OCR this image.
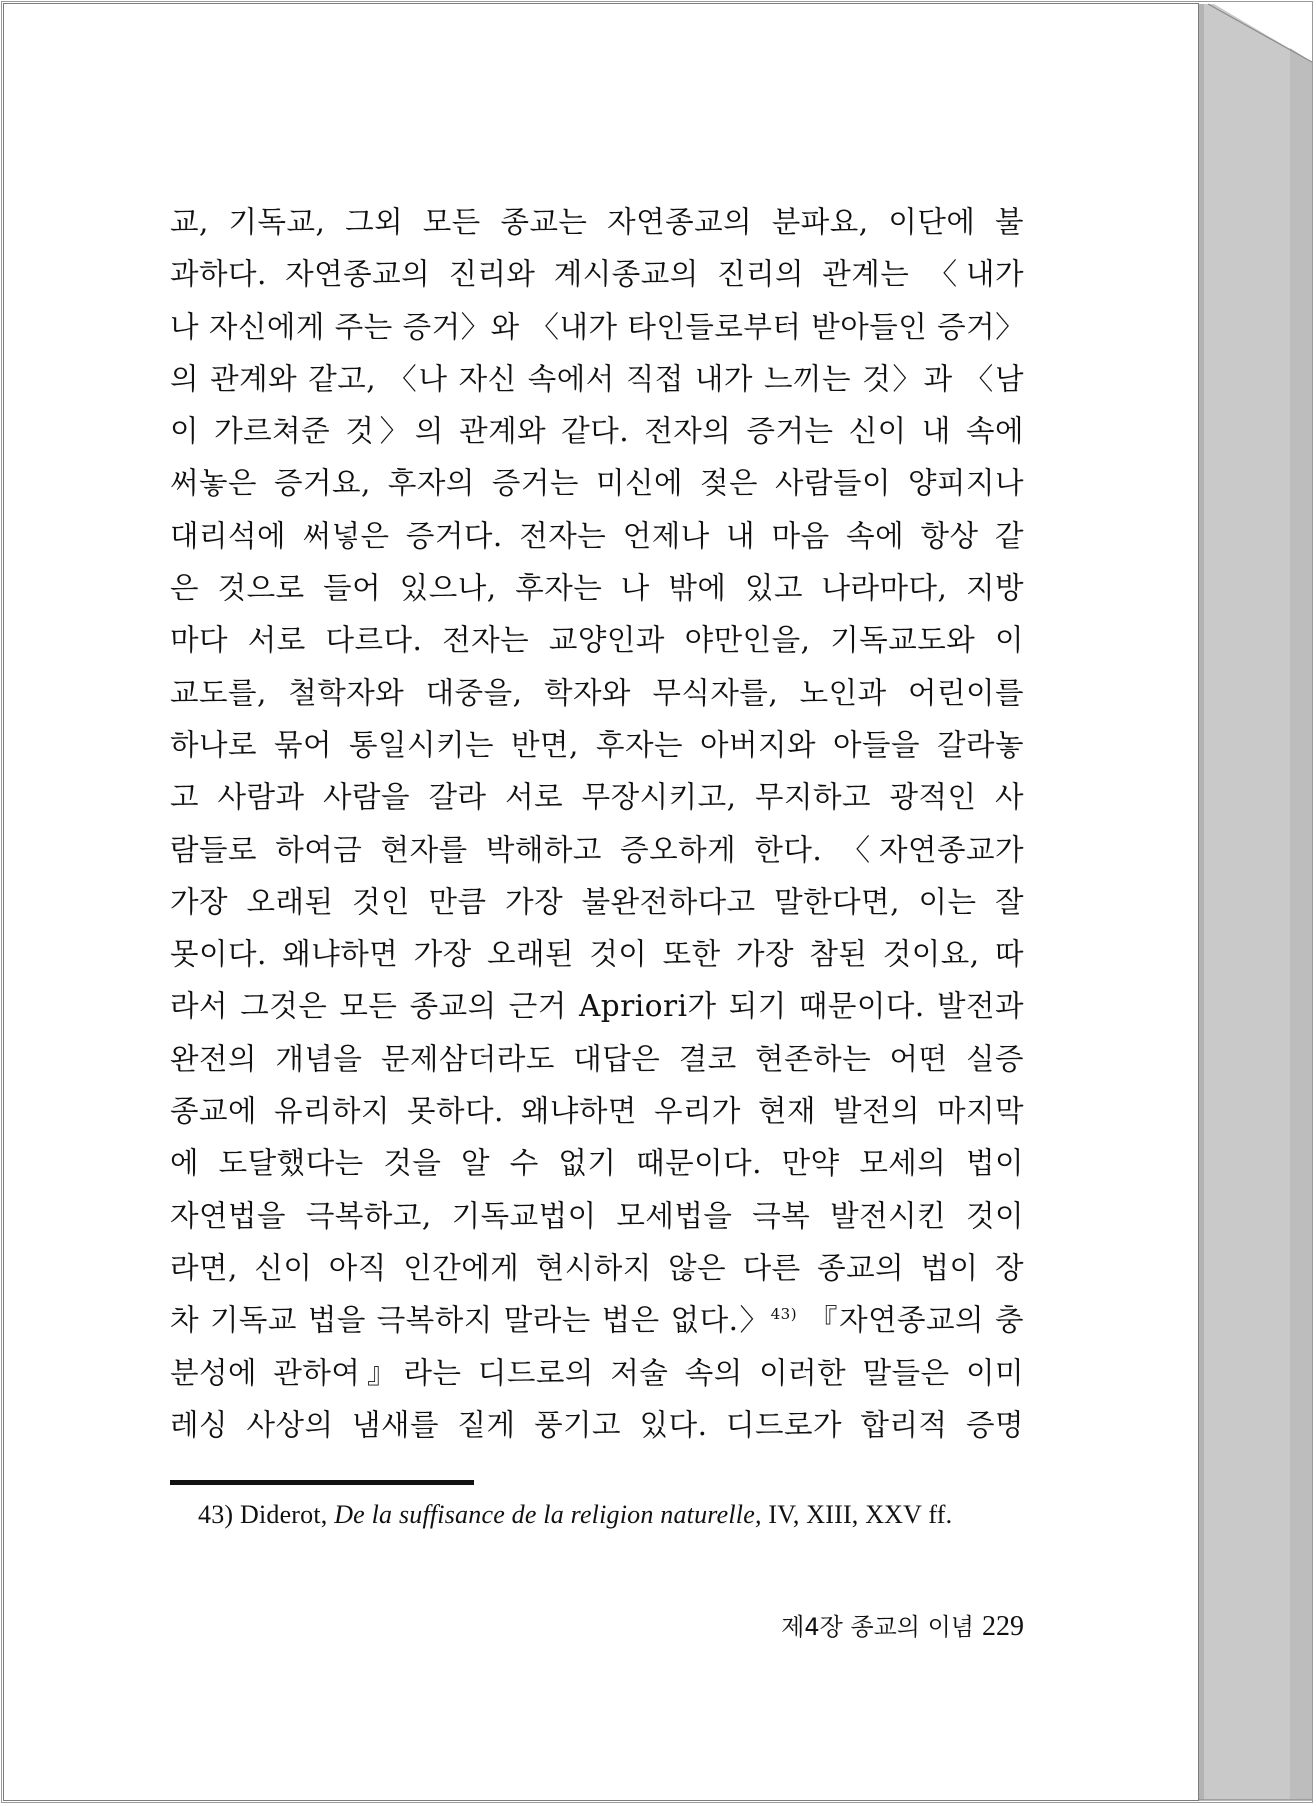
교, 기독교, 그외 모든 종교는 자연종교의 분파요, 이단에 불
과하다. 자연종교의 진리와 계시종교의 진리의 관계는 〈내가
나 자신에게 주는 증거〉와 〈내가 타인들로부터 받아들인 증거〉
의 관계와 같고, 〈나 자신 속에서 직접 내가 느끼는 것〉과 〈남
이 가르쳐준 것〉의 관계와 같다. 전자의 증거는 신이 내 속에
써놓은 증거요, 후자의 증거는 미신에 젖은 사람들이 양피지나
대리석에 써넣은 증거다. 전자는 언제나 내 마음 속에 항상 같
은 것으로 들어 있으나, 후자는 나 밖에 있고 나라마다, 지방
마다 서로 다르다. 전자는 교양인과 야만인을, 기독교도와 이
교도를, 철학자와 대중을, 학자와 무식자를, 노인과 어린이를
하나로 묶어 통일시키는 반면, 후자는 아버지와 아들을 갈라놓
고 사람과 사람을 갈라 서로 무장시키고, 무지하고 광적인 사
람들로 하여금 현자를 박해하고 증오하게 한다. 〈자연종교가
가장 오래된 것인 만큼 가장 불완전하다고 말한다면, 이는 잘
못이다. 왜냐하면 가장 오래된 것이 또한 가장 참된 것이요, 따
라서 그것은 모든 종교의 근거 Apriori가 되기 때문이다. 발전과
완전의 개념을 문제삼더라도 대답은 결코 현존하는 어떤 실증
종교에 유리하지 못하다. 왜냐하면 우리가 현재 발전의 마지막
에 도달했다는 것을 알 수 없기 때문이다. 만약 모세의 법이
자연법을 극복하고, 기독교법이 모세법을 극복 발전시킨 것이
라면, 신이 아직 인간에게 현시하지 않은 다른 종교의 법이 장
차 기독교 법을 극복하지 말라는 법은 없다.〉$^{43)}$ 『자연종교의 충
분성에 관하여』라는 디드로의 저술 속의 이러한 말들은 이미
레싱 사상의 냄새를 짙게 풍기고 있다. 디드로가 합리적 증명
43) Diderot, De la suffisance de la religion naturelle, IV, XIII, XXV ff.
제4장 종교의 이념 229
